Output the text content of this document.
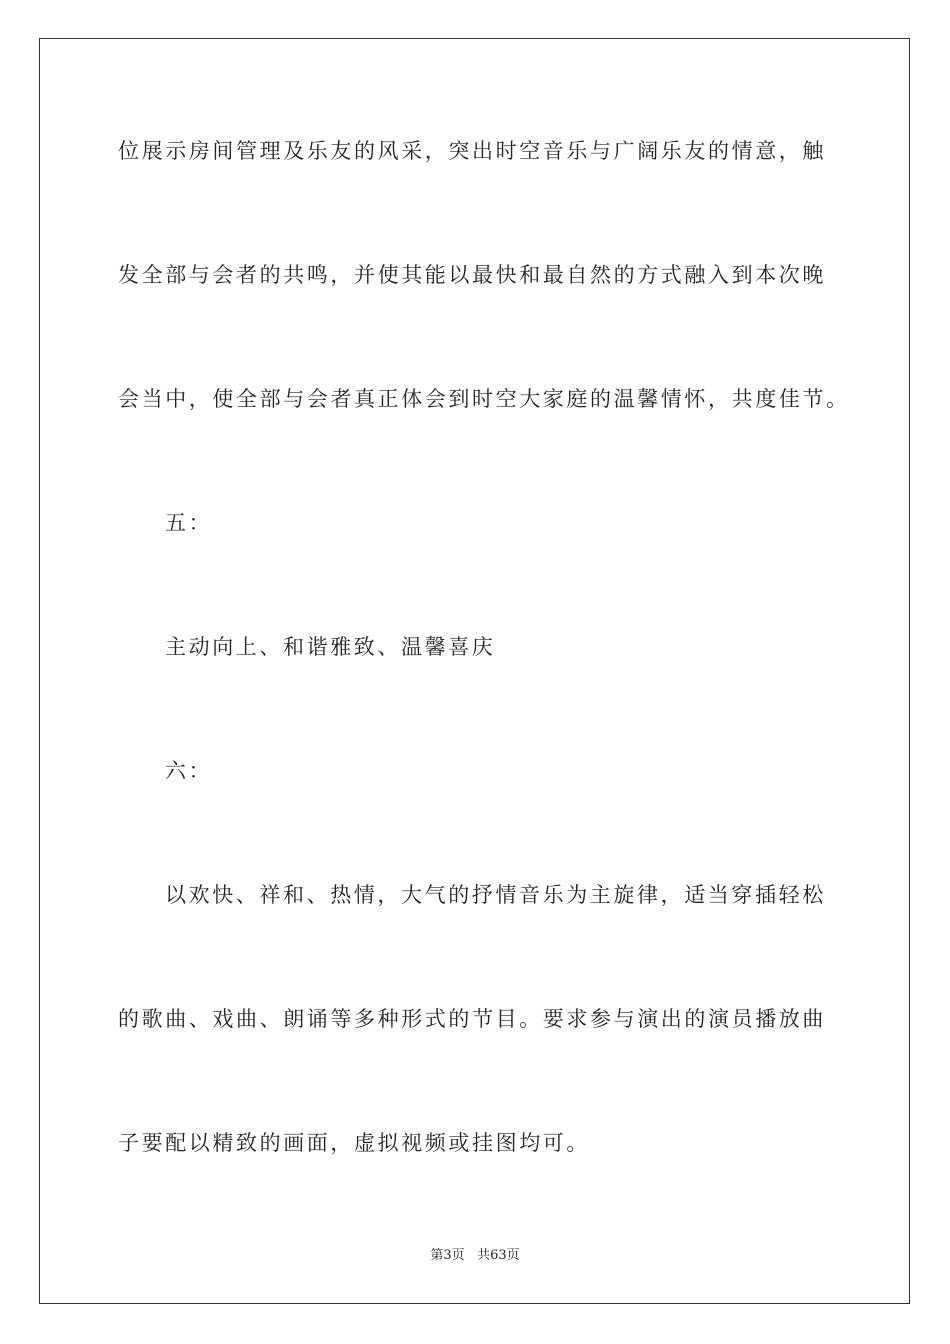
位展示房间管理及乐友的风采，突出时空音乐与广阔乐友的情意，触
发全部与会者的共鸣，并使其能以最快和最自然的方式融入到本次晚
会当中，使全部与会者真正体会到时空大家庭的温馨情怀，共度佳节。
五：
主动向上、和谐雅致、温馨喜庆
六：
以欢快、祥和、热情，大气的抒情音乐为主旋律，适当穿插轻松
的歌曲、戏曲、朗诵等多种形式的节目。要求参与演出的演员播放曲
子要配以精致的画面，虚拟视频或挂图均可。
第3页 共63页
